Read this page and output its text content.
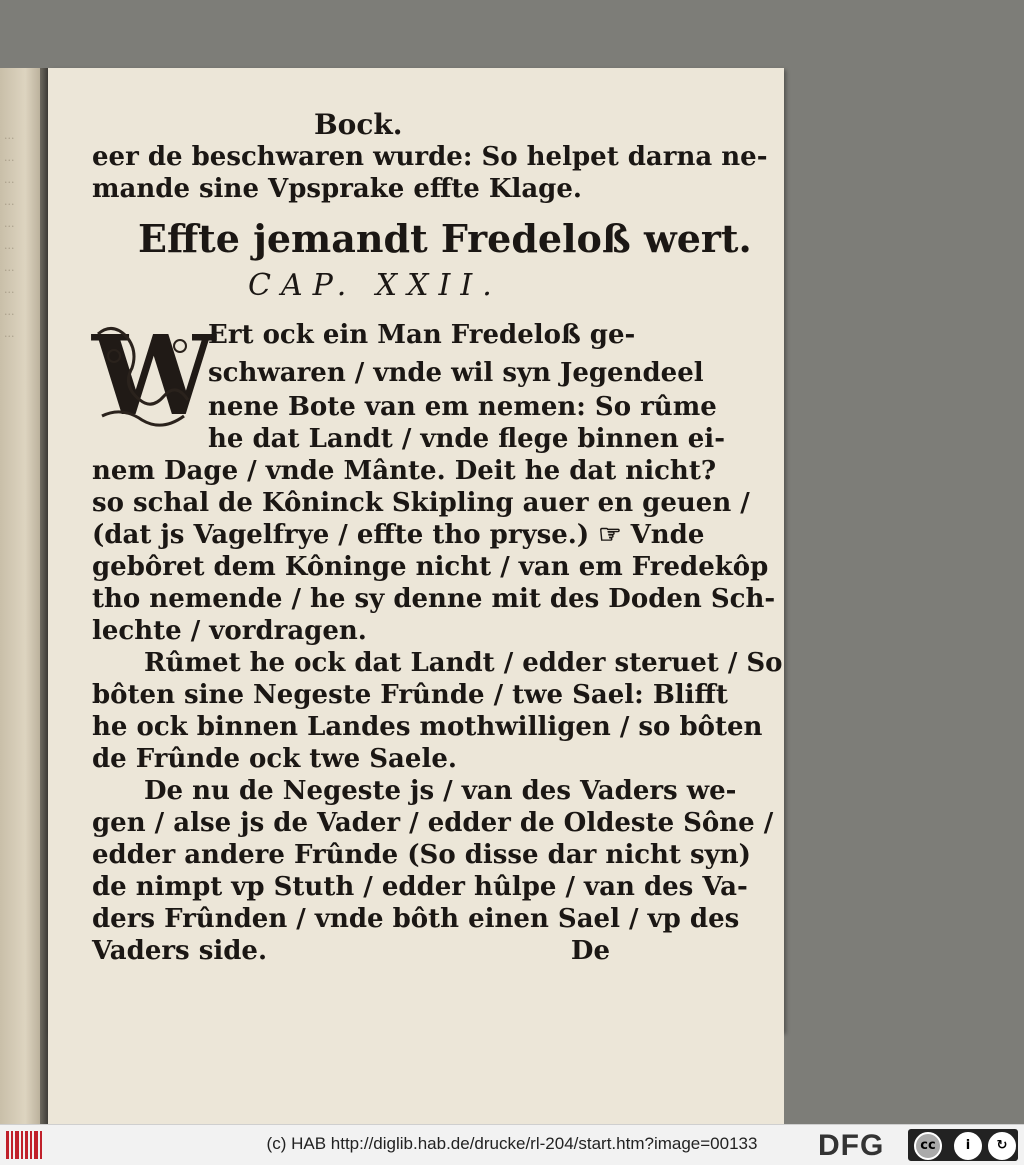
···
···
···
···
···
···
···
···
···
···
Bock.
eer de beschwaren wurde: So helpet darna ne-
mande sine Vpsprake effte Klage.
Effte jemandt Fredeloß wert.
CAP. XXII.
W
Ert ock ein Man Fredeloß ge-
schwaren / vnde wil syn Jegendeel
nene Bote van em nemen: So rûme
he dat Landt / vnde flege binnen ei-
nem Dage / vnde Mânte. Deit he dat nicht?
so schal de Kôninck Skipling auer en geuen /
(dat js Vagelfrye / effte tho pryse.) ☞ Vnde
gebôret dem Kôninge nicht / van em Fredekôp
tho nemende / he sy denne mit des Doden Sch-
lechte / vordragen.
Rûmet he ock dat Landt / edder steruet / So
bôten sine Negeste Frûnde / twe Sael: Blifft
he ock binnen Landes mothwilligen / so bôten
de Frûnde ock twe Saele.
De nu de Negeste js / van des Vaders we-
gen / alse js de Vader / edder de Oldeste Sône /
edder andere Frûnde (So disse dar nicht syn)
de nimpt vp Stuth / edder hûlpe / van des Va-
ders Frûnden / vnde bôth einen Sael / vp des
Vaders side.	De
(c) HAB http://diglib.hab.de/drucke/rl-204/start.htm?image=00133	DFG	cc	i	↻
BY	SA
